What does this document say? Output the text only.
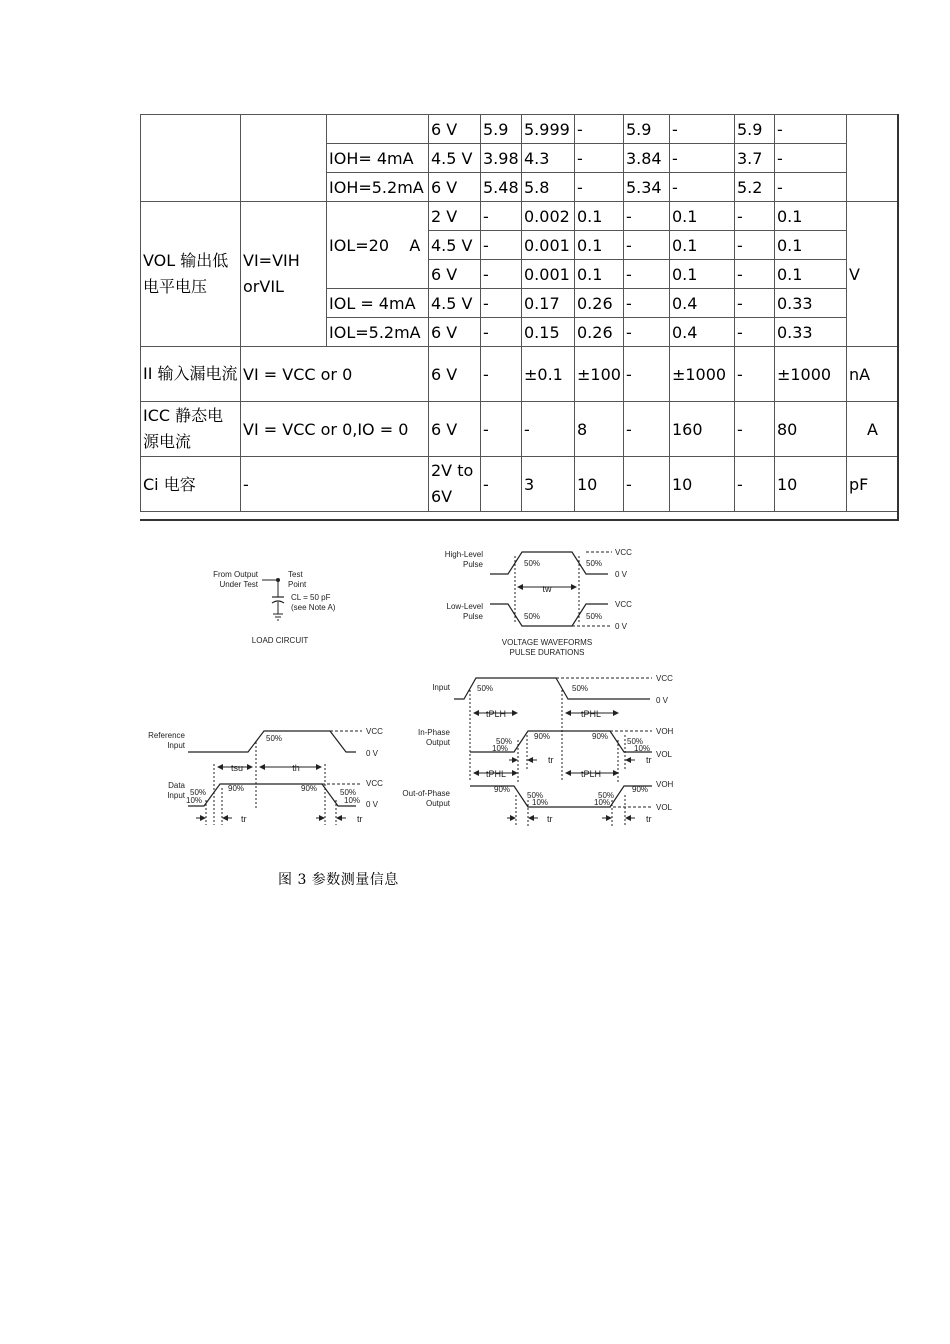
			6 V	5.9	5.999	-	5.9	-	5.9	-	
		IOH= 4mA	4.5 V	3.98	4.3	-	3.84	-	3.7	-	
		IOH=5.2mA	6 V	5.48	5.8	-	5.34	-	5.2	-	
VOL 输出低电平电压	VI=VIH orVIL	IOL=20    A	2 V	-	0.002	0.1	-	0.1	-	0.1	V
			4.5 V	-	0.001	0.1	-	0.1	-	0.1	
			6 V	-	0.001	0.1	-	0.1	-	0.1	
		IOL = 4mA	4.5 V	-	0.17	0.26	-	0.4	-	0.33	
		IOL=5.2mA	6 V	-	0.15	0.26	-	0.4	-	0.33	
II 输入漏电流	VI = VCC or 0		6 V	-	±0.1	±100	-	±1000	-	±1000	nA
ICC 静态电源电流	VI = VCC or 0,IO = 0		6 V	-	-	8	-	160	-	80	A
Ci 电容	-		2V to 6V	-	3	10	-	10	-	10	pF
From Output
Under Test
Test
Point
CL = 50 pF
(see Note A)
LOAD CIRCUIT
High-Level
Pulse	50%	50%
VCC
0 V
tw
Low-Level
Pulse	50%	50%
VCC
0 V
VOLTAGE WAVEFORMS
PULSE DURATIONS
Reference
Input
50%
VCC
0 V
tsu	th
Data
Input 50%
10%
90%	90%	50%
10%
VCC
0 V
tr	tr
Input	50%	50%
VCC
0 V
tPLH	tPHL
In-Phase
Output	50%
10%
90%	90%
50%
10%
VOH
VOL
tr	tr
tPHL	tPLH
Out-of-Phase
Output
90%
50%
10%
50%
10%
90%
VOH
VOL
tr	tr
图 3 参数测量信息
